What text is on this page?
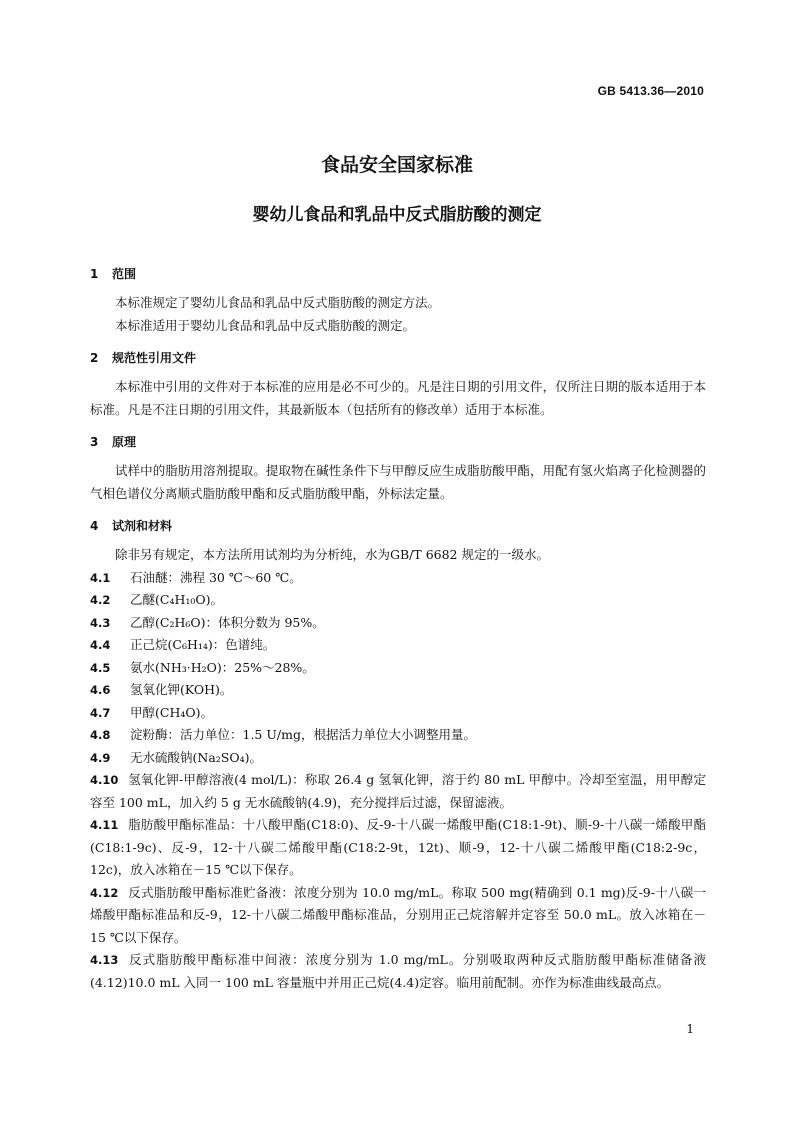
GB 5413.36—2010
食品安全国家标准
婴幼儿食品和乳品中反式脂肪酸的测定
1 范围
本标准规定了婴幼儿食品和乳品中反式脂肪酸的测定方法。
本标准适用于婴幼儿食品和乳品中反式脂肪酸的测定。
2 规范性引用文件
本标准中引用的文件对于本标准的应用是必不可少的。凡是注日期的引用文件，仅所注日期的版本适用于本标准。凡是不注日期的引用文件，其最新版本（包括所有的修改单）适用于本标准。
3 原理
试样中的脂肪用溶剂提取。提取物在碱性条件下与甲醇反应生成脂肪酸甲酯，用配有氢火焰离子化检测器的气相色谱仪分离顺式脂肪酸甲酯和反式脂肪酸甲酯，外标法定量。
4 试剂和材料
除非另有规定，本方法所用试剂均为分析纯，水为GB/T 6682 规定的一级水。
4.1 石油醚：沸程 30 ℃～60 ℃。
4.2 乙醚(C₄H₁₀O)。
4.3 乙醇(C₂H₆O)：体积分数为 95%。
4.4 正己烷(C₆H₁₄)：色谱纯。
4.5 氨水(NH₃·H₂O)：25%～28%。
4.6 氢氧化钾(KOH)。
4.7 甲醇(CH₄O)。
4.8 淀粉酶：活力单位：1.5 U/mg，根据活力单位大小调整用量。
4.9 无水硫酸钠(Na₂SO₄)。
4.10 氢氧化钾-甲醇溶液(4 mol/L)：称取 26.4 g 氢氧化钾，溶于约 80 mL 甲醇中。冷却至室温，用甲醇定容至 100 mL，加入约 5 g 无水硫酸钠(4.9)，充分搅拌后过滤，保留滤液。
4.11 脂肪酸甲酯标准品：十八酸甲酯(C18:0)、反-9-十八碳一烯酸甲酯(C18:1-9t)、顺-9-十八碳一烯酸甲酯(C18:1-9c)、反-9，12-十八碳二烯酸甲酯(C18:2-9t，12t)、顺-9，12-十八碳二烯酸甲酯(C18:2-9c，12c)，放入冰箱在－15 ℃以下保存。
4.12 反式脂肪酸甲酯标准贮备液：浓度分别为 10.0 mg/mL。称取 500 mg(精确到 0.1 mg)反-9-十八碳一烯酸甲酯标准品和反-9，12-十八碳二烯酸甲酯标准品，分别用正己烷溶解并定容至 50.0 mL。放入冰箱在－15 ℃以下保存。
4.13 反式脂肪酸甲酯标准中间液：浓度分别为 1.0 mg/mL。分别吸取两种反式脂肪酸甲酯标准储备液(4.12)10.0 mL 入同一 100 mL 容量瓶中并用正己烷(4.4)定容。临用前配制。亦作为标准曲线最高点。
1
